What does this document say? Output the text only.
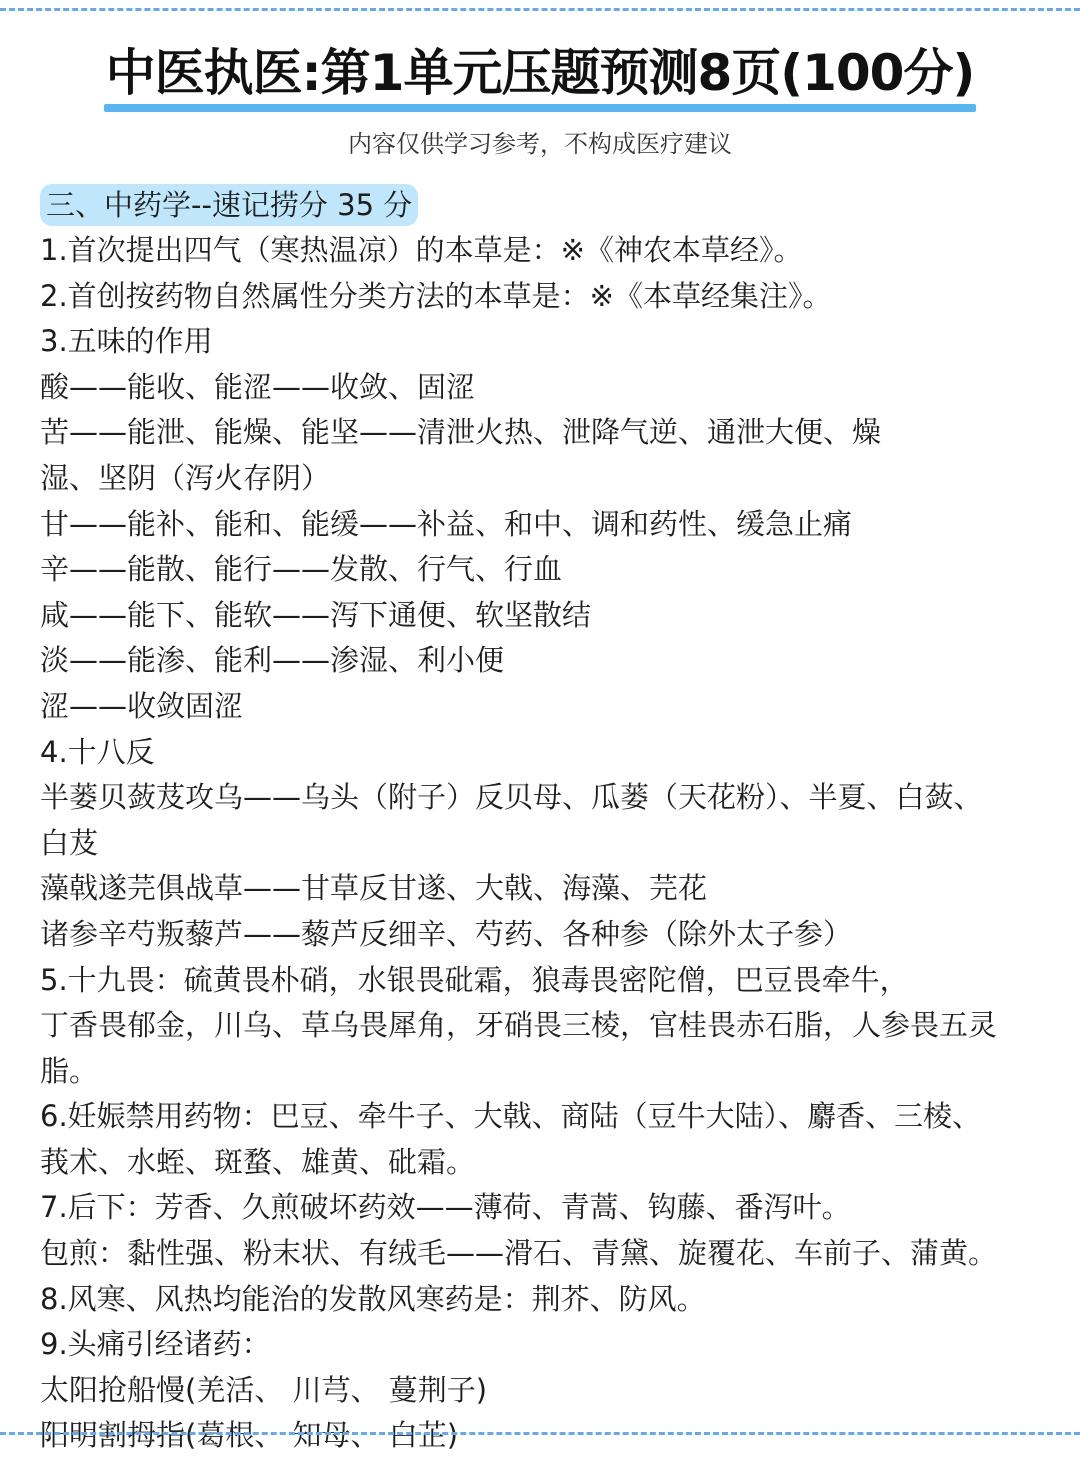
中医执医:第1单元压题预测8页(100分)
内容仅供学习参考，不构成医疗建议
三、中药学--速记捞分 35 分
1.首次提出四气（寒热温凉）的本草是：※《神农本草经》。
2.首创按药物自然属性分类方法的本草是：※《本草经集注》。
3.五味的作用
酸——能收、能涩——收敛、固涩
苦——能泄、能燥、能坚——清泄火热、泄降气逆、通泄大便、燥
湿、坚阴（泻火存阴）
甘——能补、能和、能缓——补益、和中、调和药性、缓急止痛
辛——能散、能行——发散、行气、行血
咸——能下、能软——泻下通便、软坚散结
淡——能渗、能利——渗湿、利小便
涩——收敛固涩
4.十八反
半蒌贝蔹芨攻乌——乌头（附子）反贝母、瓜蒌（天花粉）、半夏、白蔹、
白芨
藻戟遂芫俱战草——甘草反甘遂、大戟、海藻、芫花
诸参辛芍叛藜芦——藜芦反细辛、芍药、各种参（除外太子参）
5.十九畏：硫黄畏朴硝，水银畏砒霜，狼毒畏密陀僧，巴豆畏牵牛，
丁香畏郁金，川乌、草乌畏犀角，牙硝畏三棱，官桂畏赤石脂，人参畏五灵
脂。
6.妊娠禁用药物：巴豆、牵牛子、大戟、商陆（豆牛大陆）、麝香、三棱、
莪术、水蛭、斑蝥、雄黄、砒霜。
7.后下：芳香、久煎破坏药效——薄荷、青蒿、钩藤、番泻叶。
包煎：黏性强、粉末状、有绒毛——滑石、青黛、旋覆花、车前子、蒲黄。
8.风寒、风热均能治的发散风寒药是：荆芥、防风。
9.头痛引经诸药：
太阳抢船慢(羌活、 川芎、 蔓荆子)
阳明割拇指(葛根、 知母、 白芷)
